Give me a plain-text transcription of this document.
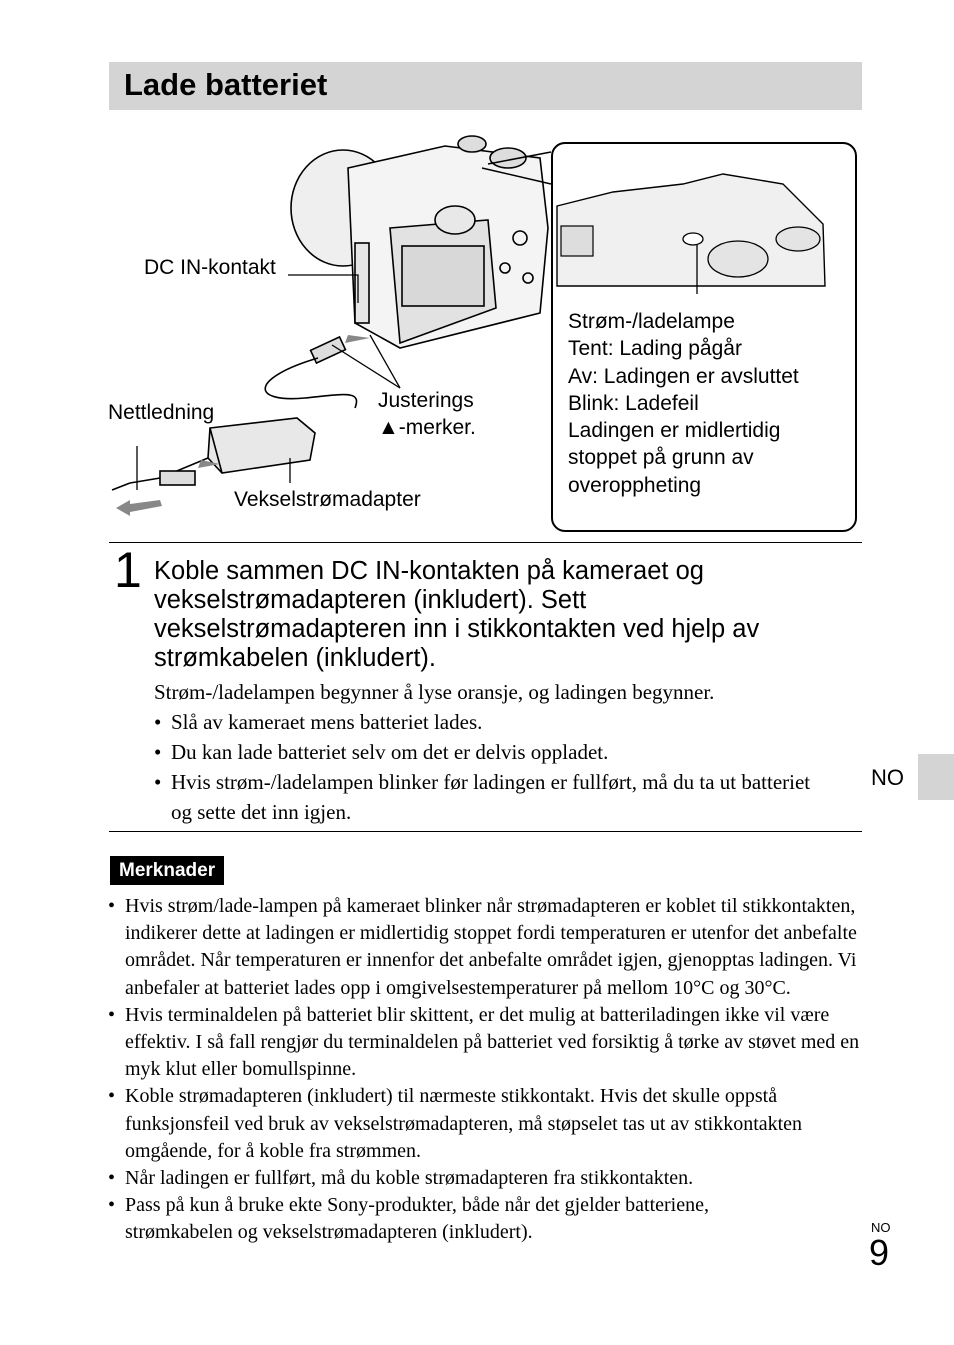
Lade batteriet
DC IN-kontakt
Nettledning
Justerings
▲-merker.
Vekselstrømadapter
Strøm-/ladelampe
Tent: Lading pågår
Av: Ladingen er avsluttet
Blink: Ladefeil
Ladingen er midlertidig
stoppet på grunn av
overoppheting
1 Koble sammen DC IN-kontakten på kameraet og
vekselstrømadapteren (inkludert). Sett
vekselstrømadapteren inn i stikkontakten ved hjelp av
strømkabelen (inkludert).

Strøm-/ladelampen begynner å lyse oransje, og ladingen begynner.

• Slå av kameraet mens batteriet lades.
• Du kan lade batteriet selv om det er delvis oppladet.
• Hvis strøm-/ladelampen blinker før ladingen er fullført, må du ta ut batteriet og sette det inn igjen.
Merknader
• Hvis strøm/lade-lampen på kameraet blinker når strømadapteren er koblet til stikkontakten, indikerer dette at ladingen er midlertidig stoppet fordi temperaturen er utenfor det anbefalte området. Når temperaturen er innenfor det anbefalte området igjen, gjenopptas ladingen. Vi anbefaler at batteriet lades opp i omgivelsestemperaturer på mellom 10°C og 30°C.
• Hvis terminaldelen på batteriet blir skittent, er det mulig at batteriladingen ikke vil være effektiv. I så fall rengjør du terminaldelen på batteriet ved forsiktig å tørke av støvet med en myk klut eller bomullspinne.
• Koble strømadapteren (inkludert) til nærmeste stikkontakt. Hvis det skulle oppstå funksjonsfeil ved bruk av vekselstrømadapteren, må støpselet tas ut av stikkontakten omgående, for å koble fra strømmen.
• Når ladingen er fullført, må du koble strømadapteren fra stikkontakten.
• Pass på kun å bruke ekte Sony-produkter, både når det gjelder batteriene, strømkabelen og vekselstrømadapteren (inkludert).
NO
NO
9
